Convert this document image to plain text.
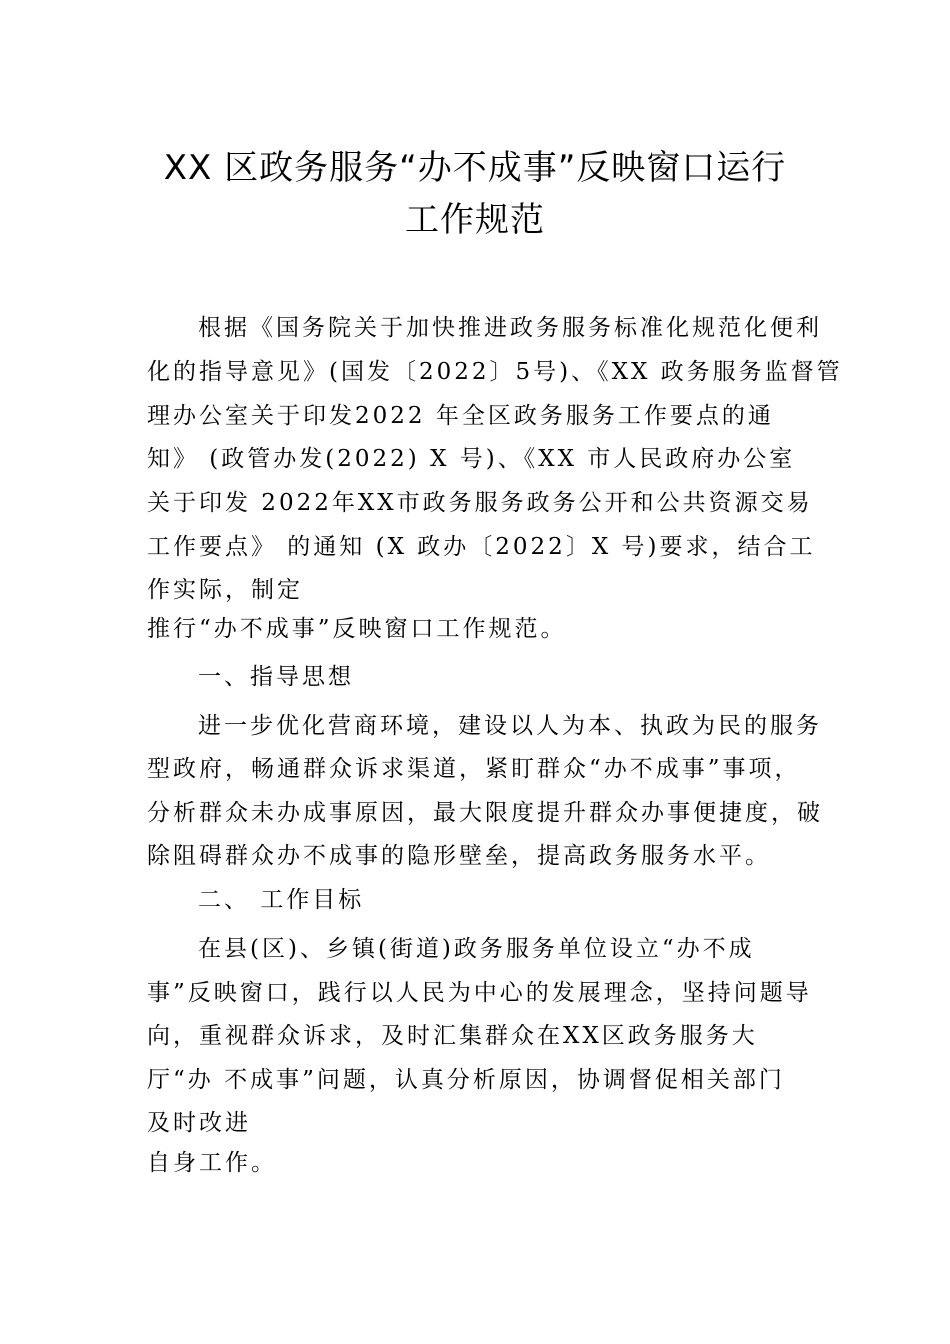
XX 区政务服务“办不成事”反映窗口运行
工作规范
根据《国务院关于加快推进政务服务标准化规范化便利
化的指导意见》(国发〔2022〕5号)、《XX 政务服务监督管
理办公室关于印发2022 年全区政务服务工作要点的通
知》 (政管办发(2022) X 号)、《XX 市人民政府办公室
关于印发 2022年XX市政务服务政务公开和公共资源交易
工作要点》 的通知 (X 政办〔2022〕X 号)要求，结合工
作实际，制定
推行“办不成事”反映窗口工作规范。
一、指导思想
进一步优化营商环境，建设以人为本、执政为民的服务
型政府，畅通群众诉求渠道，紧盯群众“办不成事”事项，
分析群众未办成事原因，最大限度提升群众办事便捷度，破
除阻碍群众办不成事的隐形壁垒，提高政务服务水平。
二、 工作目标
在县(区)、乡镇(街道)政务服务单位设立“办不成
事”反映窗口，践行以人民为中心的发展理念，坚持问题导
向，重视群众诉求，及时汇集群众在XX区政务服务大
厅“办 不成事”问题，认真分析原因，协调督促相关部门
及时改进
自身工作。
